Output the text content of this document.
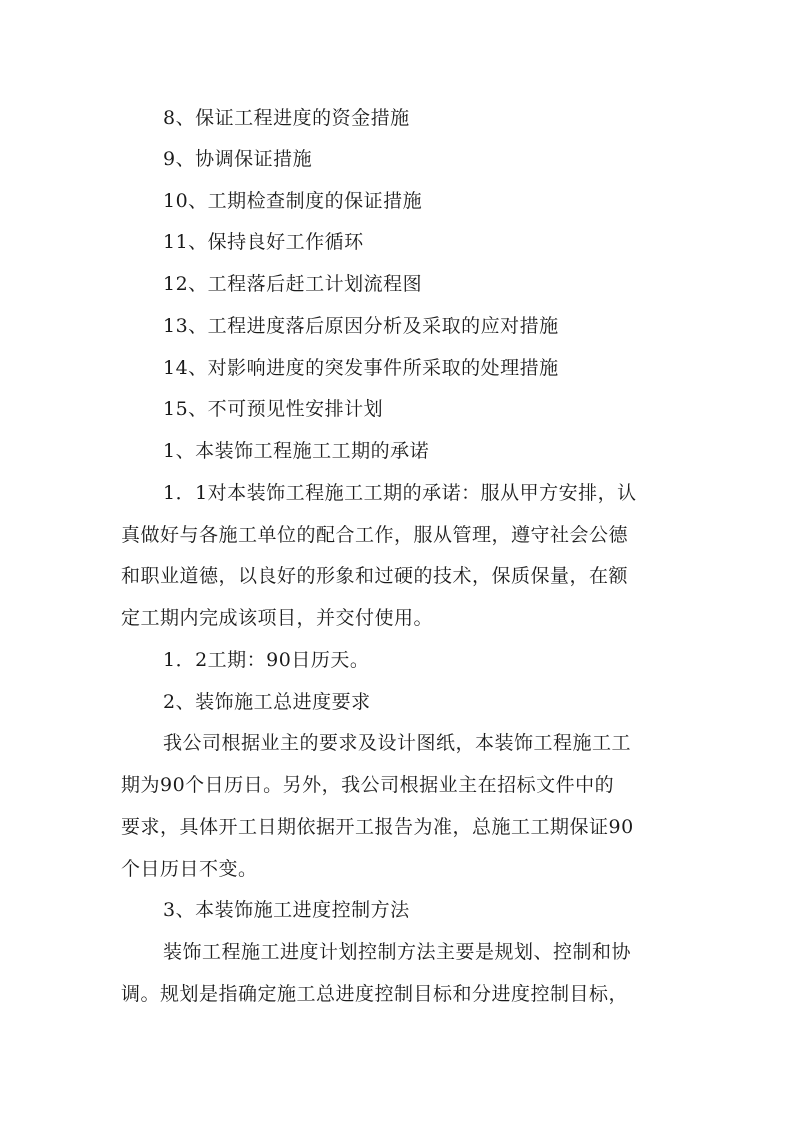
8、保证工程进度的资金措施
9、协调保证措施
10、工期检查制度的保证措施
11、保持良好工作循环
12、工程落后赶工计划流程图
13、工程进度落后原因分析及采取的应对措施
14、对影响进度的突发事件所采取的处理措施
15、不可预见性安排计划
1、本装饰工程施工工期的承诺
1．1对本装饰工程施工工期的承诺：服从甲方安排，认
真做好与各施工单位的配合工作，服从管理，遵守社会公德
和职业道德，以良好的形象和过硬的技术，保质保量，在额
定工期内完成该项目，并交付使用。
1．2工期：90日历天。
2、装饰施工总进度要求
我公司根据业主的要求及设计图纸，本装饰工程施工工
期为90个日历日。另外，我公司根据业主在招标文件中的
要求，具体开工日期依据开工报告为准，总施工工期保证90
个日历日不变。
3、本装饰施工进度控制方法
装饰工程施工进度计划控制方法主要是规划、控制和协
调。规划是指确定施工总进度控制目标和分进度控制目标，
